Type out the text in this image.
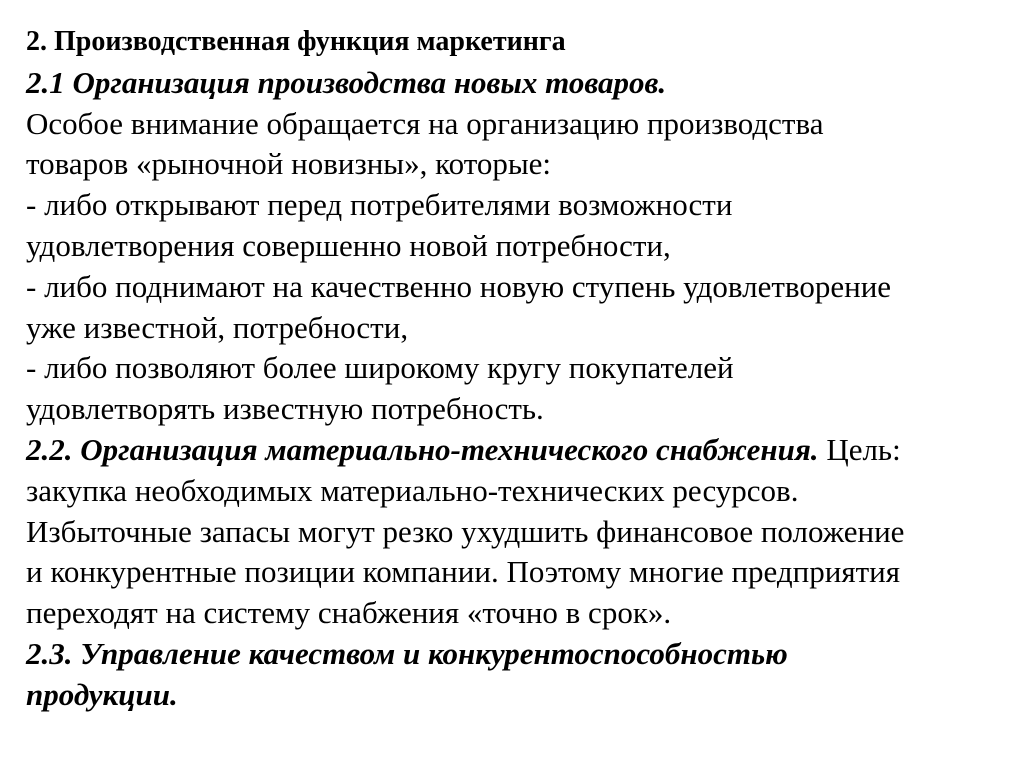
2. Производственная функция маркетинга
2.1 Организация производства новых товаров.
Особое внимание обращается на организацию производства
товаров «рыночной новизны», которые:
- либо открывают перед потребителями возможности
удовлетворения совершенно новой потребности,
- либо поднимают на качественно новую ступень удовлетворение
уже известной, потребности,
- либо позволяют более широкому кругу покупателей
удовлетворять известную потребность.
2.2. Организация материально-технического снабжения. Цель:
закупка необходимых материально-технических ресурсов.
Избыточные запасы могут резко ухудшить финансовое положение
и конкурентные позиции компании. Поэтому многие предприятия
переходят на систему снабжения «точно в срок».
2.3. Управление качеством и конкурентоспособностью
продукции.
